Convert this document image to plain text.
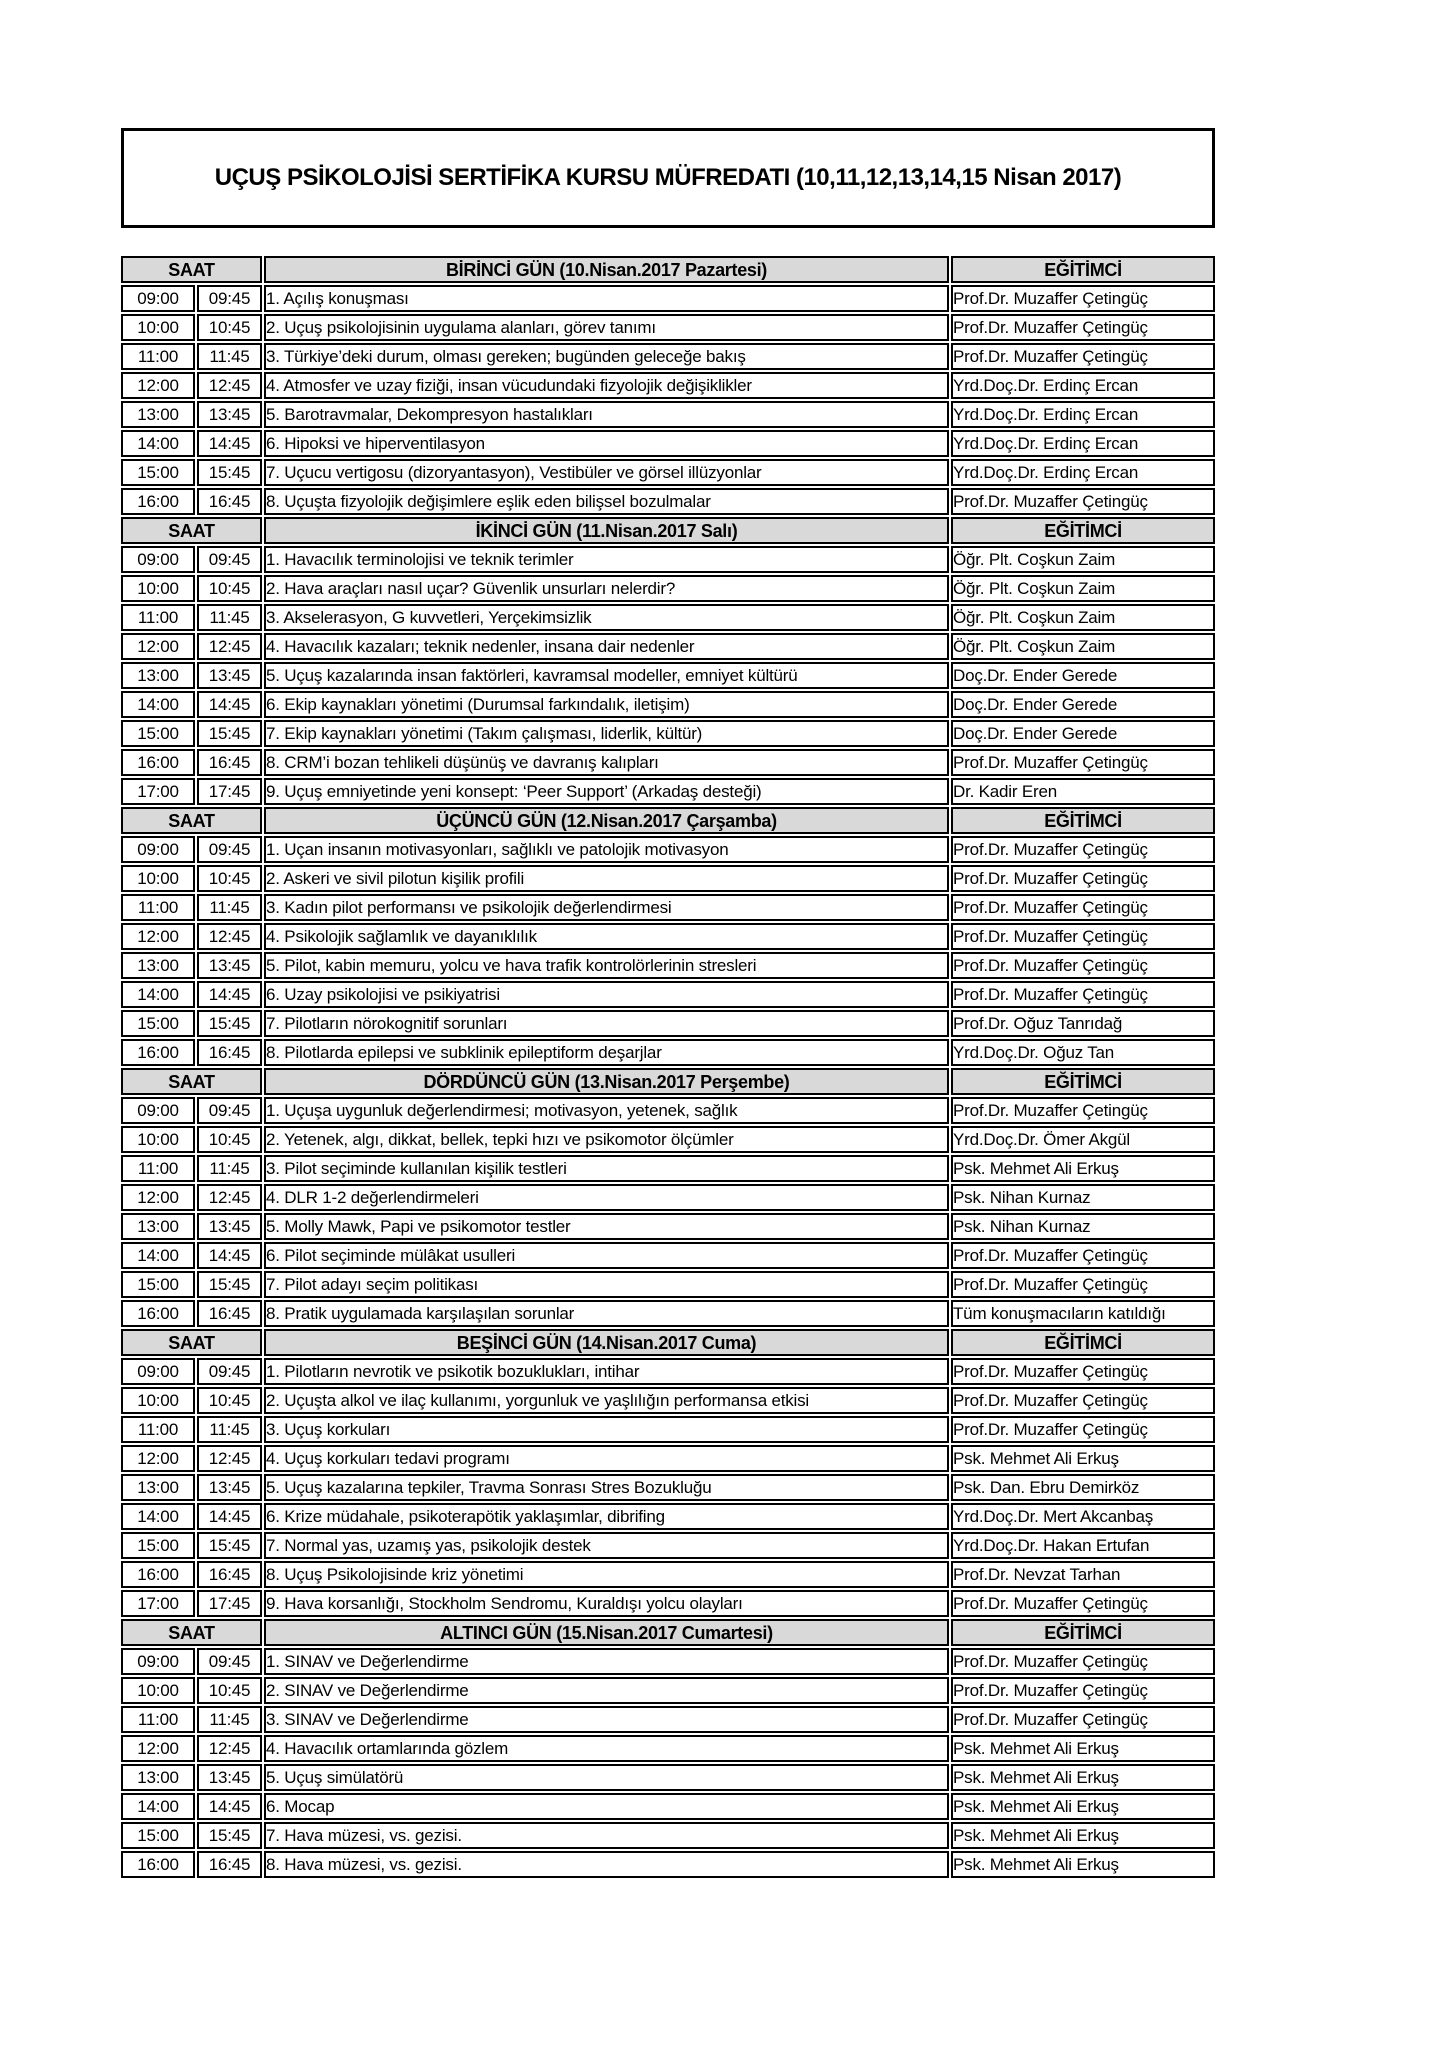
UÇUŞ PSİKOLOJİSİ SERTİFİKA KURSU MÜFREDATI (10,11,12,13,14,15 Nisan 2017)
SAAT		BİRİNCİ GÜN (10.Nisan.2017 Pazartesi)	EĞİTİMCİ
09:00	09:45	1. Açılış konuşması	Prof.Dr. Muzaffer Çetingüç
10:00	10:45	2. Uçuş psikolojisinin uygulama alanları, görev tanımı	Prof.Dr. Muzaffer Çetingüç
11:00	11:45	3. Türkiye’deki durum, olması gereken; bugünden geleceğe bakış	Prof.Dr. Muzaffer Çetingüç
12:00	12:45	4. Atmosfer ve uzay fiziği, insan vücudundaki fizyolojik değişiklikler	Yrd.Doç.Dr. Erdinç Ercan
13:00	13:45	5. Barotravmalar, Dekompresyon hastalıkları	Yrd.Doç.Dr. Erdinç Ercan
14:00	14:45	6. Hipoksi ve hiperventilasyon	Yrd.Doç.Dr. Erdinç Ercan
15:00	15:45	7. Uçucu vertigosu (dizoryantasyon), Vestibüler ve görsel illüzyonlar	Yrd.Doç.Dr. Erdinç Ercan
16:00	16:45	8. Uçuşta fizyolojik değişimlere eşlik eden bilişsel bozulmalar	Prof.Dr. Muzaffer Çetingüç
SAAT		İKİNCİ GÜN (11.Nisan.2017 Salı)	EĞİTİMCİ
09:00	09:45	1. Havacılık terminolojisi ve teknik terimler	Öğr. Plt. Coşkun Zaim
10:00	10:45	2. Hava araçları nasıl uçar? Güvenlik unsurları nelerdir?	Öğr. Plt. Coşkun Zaim
11:00	11:45	3. Akselerasyon, G kuvvetleri, Yerçekimsizlik	Öğr. Plt. Coşkun Zaim
12:00	12:45	4. Havacılık kazaları; teknik nedenler, insana dair nedenler	Öğr. Plt. Coşkun Zaim
13:00	13:45	5. Uçuş kazalarında insan faktörleri, kavramsal modeller, emniyet kültürü	Doç.Dr. Ender Gerede
14:00	14:45	6. Ekip kaynakları yönetimi (Durumsal farkındalık, iletişim)	Doç.Dr. Ender Gerede
15:00	15:45	7. Ekip kaynakları yönetimi (Takım çalışması, liderlik, kültür)	Doç.Dr. Ender Gerede
16:00	16:45	8. CRM’i bozan tehlikeli düşünüş ve davranış kalıpları	Prof.Dr. Muzaffer Çetingüç
17:00	17:45	9. Uçuş emniyetinde yeni konsept: ‘Peer Support’ (Arkadaş desteği)	Dr. Kadir Eren
SAAT		ÜÇÜNCÜ GÜN (12.Nisan.2017 Çarşamba)	EĞİTİMCİ
09:00	09:45	1. Uçan insanın motivasyonları, sağlıklı ve patolojik motivasyon	Prof.Dr. Muzaffer Çetingüç
10:00	10:45	2. Askeri ve sivil pilotun kişilik profili	Prof.Dr. Muzaffer Çetingüç
11:00	11:45	3. Kadın pilot performansı ve psikolojik değerlendirmesi	Prof.Dr. Muzaffer Çetingüç
12:00	12:45	4. Psikolojik sağlamlık ve dayanıklılık	Prof.Dr. Muzaffer Çetingüç
13:00	13:45	5. Pilot, kabin memuru, yolcu ve hava trafik kontrolörlerinin stresleri	Prof.Dr. Muzaffer Çetingüç
14:00	14:45	6. Uzay psikolojisi ve psikiyatrisi	Prof.Dr. Muzaffer Çetingüç
15:00	15:45	7. Pilotların nörokognitif sorunları	Prof.Dr. Oğuz Tanrıdağ
16:00	16:45	8. Pilotlarda epilepsi ve subklinik epileptiform deşarjlar	Yrd.Doç.Dr. Oğuz Tan
SAAT		DÖRDÜNCÜ GÜN (13.Nisan.2017 Perşembe)	EĞİTİMCİ
09:00	09:45	1. Uçuşa uygunluk değerlendirmesi; motivasyon, yetenek, sağlık	Prof.Dr. Muzaffer Çetingüç
10:00	10:45	2. Yetenek, algı, dikkat, bellek, tepki hızı ve psikomotor ölçümler	Yrd.Doç.Dr. Ömer Akgül
11:00	11:45	3. Pilot seçiminde kullanılan kişilik testleri	Psk. Mehmet Ali Erkuş
12:00	12:45	4. DLR 1-2 değerlendirmeleri	Psk. Nihan Kurnaz
13:00	13:45	5. Molly Mawk, Papi ve psikomotor testler	Psk. Nihan Kurnaz
14:00	14:45	6. Pilot seçiminde mülâkat usulleri	Prof.Dr. Muzaffer Çetingüç
15:00	15:45	7. Pilot adayı seçim politikası	Prof.Dr. Muzaffer Çetingüç
16:00	16:45	8. Pratik uygulamada karşılaşılan sorunlar	Tüm konuşmacıların katıldığı
SAAT		BEŞİNCİ GÜN (14.Nisan.2017 Cuma)	EĞİTİMCİ
09:00	09:45	1. Pilotların nevrotik ve psikotik bozuklukları, intihar	Prof.Dr. Muzaffer Çetingüç
10:00	10:45	2. Uçuşta alkol ve ilaç kullanımı, yorgunluk ve yaşlılığın performansa etkisi	Prof.Dr. Muzaffer Çetingüç
11:00	11:45	3. Uçuş korkuları	Prof.Dr. Muzaffer Çetingüç
12:00	12:45	4. Uçuş korkuları tedavi programı	Psk. Mehmet Ali Erkuş
13:00	13:45	5. Uçuş kazalarına tepkiler, Travma Sonrası Stres Bozukluğu	Psk. Dan. Ebru Demirköz
14:00	14:45	6. Krize müdahale, psikoterapötik yaklaşımlar, dibrifing	Yrd.Doç.Dr. Mert Akcanbaş
15:00	15:45	7. Normal yas, uzamış yas, psikolojik destek	Yrd.Doç.Dr. Hakan Ertufan
16:00	16:45	8. Uçuş Psikolojisinde kriz yönetimi	Prof.Dr. Nevzat Tarhan
17:00	17:45	9. Hava korsanlığı, Stockholm Sendromu, Kuraldışı yolcu olayları	Prof.Dr. Muzaffer Çetingüç
SAAT		ALTINCI GÜN (15.Nisan.2017 Cumartesi)	EĞİTİMCİ
09:00	09:45	1. SINAV ve Değerlendirme	Prof.Dr. Muzaffer Çetingüç
10:00	10:45	2. SINAV ve Değerlendirme	Prof.Dr. Muzaffer Çetingüç
11:00	11:45	3. SINAV ve Değerlendirme	Prof.Dr. Muzaffer Çetingüç
12:00	12:45	4. Havacılık ortamlarında gözlem	Psk. Mehmet Ali Erkuş
13:00	13:45	5. Uçuş simülatörü	Psk. Mehmet Ali Erkuş
14:00	14:45	6. Mocap	Psk. Mehmet Ali Erkuş
15:00	15:45	7. Hava müzesi, vs. gezisi.	Psk. Mehmet Ali Erkuş
16:00	16:45	8. Hava müzesi, vs. gezisi.	Psk. Mehmet Ali Erkuş
